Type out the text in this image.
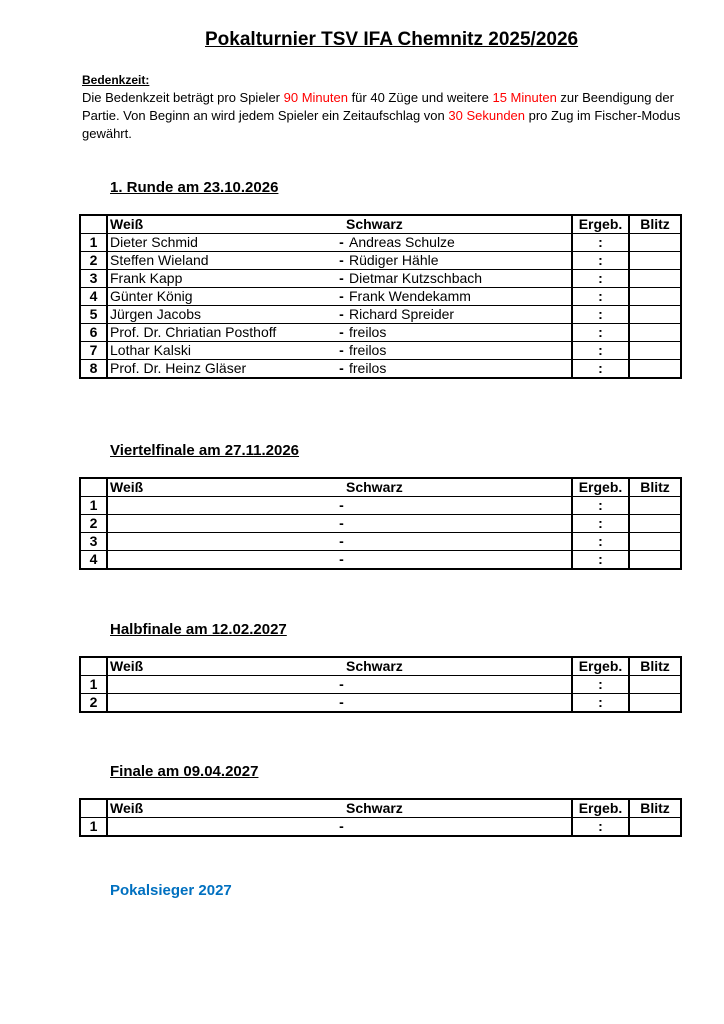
Pokalturnier TSV IFA Chemnitz 2025/2026
Bedenkzeit:
Die Bedenkzeit beträgt pro Spieler 90 Minuten für 40 Züge und weitere 15 Minuten zur Beendigung der Partie. Von Beginn an wird jedem Spieler ein Zeitaufschlag von 30 Sekunden pro Zug im Fischer-Modus gewährt.
1. Runde am 23.10.2026
	Weiß	Schwarz		Ergeb.	Blitz
1	Dieter Schmid	-	Andreas Schulze	:	
2	Steffen Wieland	-	Rüdiger Hähle	:	
3	Frank Kapp	-	Dietmar Kutzschbach	:	
4	Günter König	-	Frank Wendekamm	:	
5	Jürgen Jacobs	-	Richard Spreider	:	
6	Prof. Dr. Chriatian Posthoff	-	freilos	:	
7	Lothar Kalski	-	freilos	:	
8	Prof. Dr. Heinz Gläser	-	freilos	:	
Viertelfinale am 27.11.2026
	Weiß	Schwarz		Ergeb.	Blitz
1		-		:	
2		-		:	
3		-		:	
4		-		:	
Halbfinale am 12.02.2027
	Weiß	Schwarz		Ergeb.	Blitz
1		-		:	
2		-		:	
Finale am 09.04.2027
	Weiß	Schwarz		Ergeb.	Blitz
1		-		:	
Pokalsieger 2027
